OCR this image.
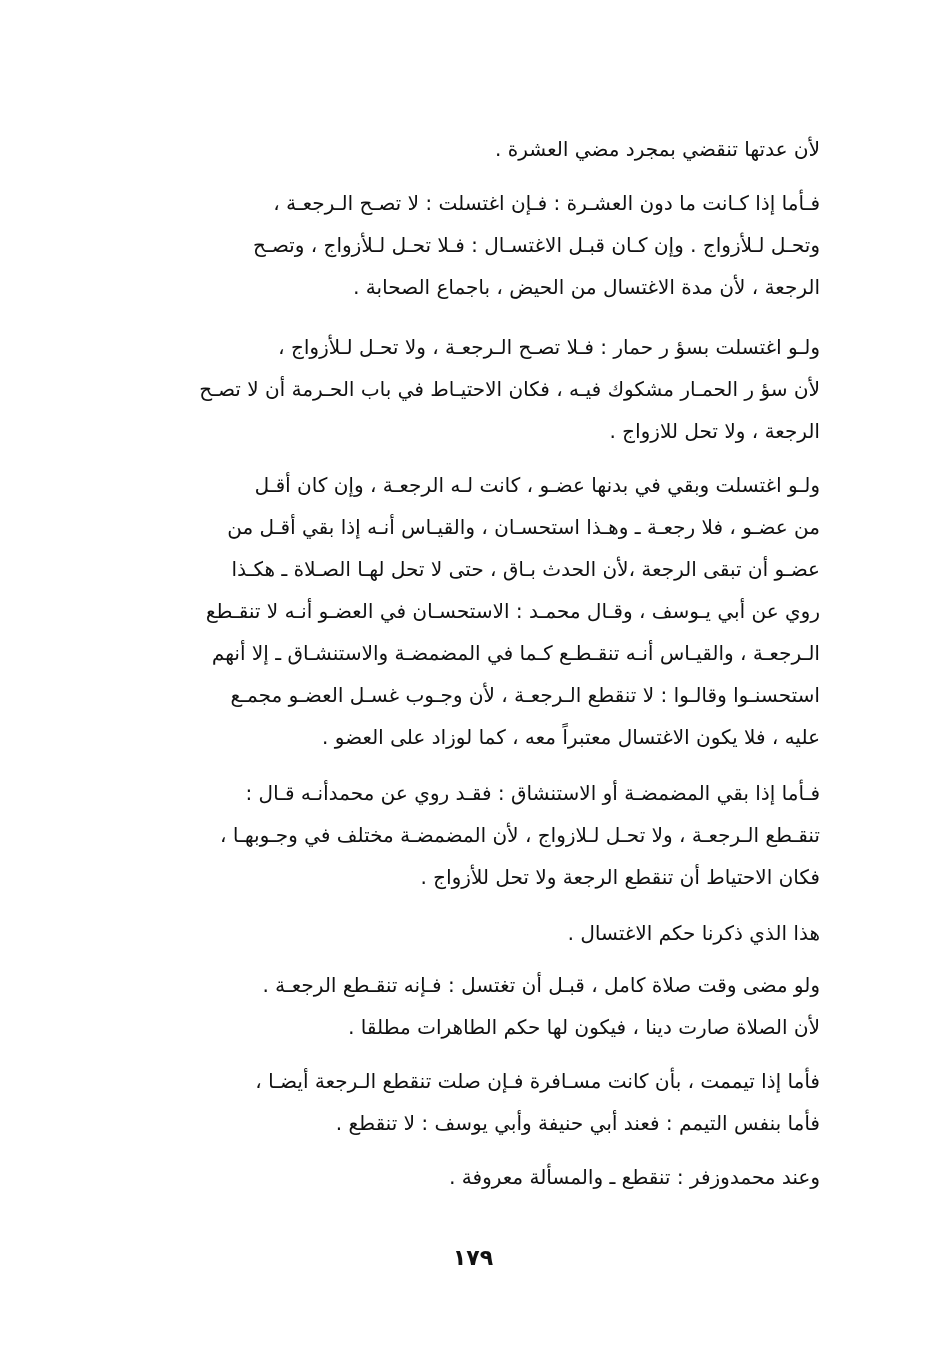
لأن عدتها تنقضي بمجرد مضي العشرة .

فـأما إذا كـانت ما دون العشـرة : فـإن اغتسلت : لا تصـح الـرجعـة ،

وتحـل لـلأزواج . وإن كـان قبـل الاغتسـال : فـلا تحـل لـلأزواج ، وتصـح

الرجعة ، لأن مدة الاغتسال من الحيض ، باجماع الصحابة .

ولـو اغتسلت بسؤ ر حمار : فـلا تصـح الـرجعـة ، ولا تحـل لـلأزواج ،

لأن سؤ ر الحمـار مشكوك فيـه ، فكان الاحتيـاط في باب الحـرمة أن لا تصـح

الرجعة ، ولا تحل للازواج .

ولـو اغتسلت وبقي في بدنها عضـو ، كانت لـه الرجعـة ، وإن كان أقـل

من عضـو ، فلا رجعـة ـ وهـذا استحسـان ، والقيـاس أنـه إذا بقي أقـل من

عضـو أن تبقى الرجعة ،لأن الحدث بـاق ، حتى لا تحل لهـا الصـلاة ـ هكـذا

روي عن أبي يـوسف ، وقـال محمـد : الاستحسـان في العضـو أنـه لا تنقـطع

الـرجعـة ، والقيـاس أنـه تنقـطـع كـما في المضمضـة والاستنشـاق ـ إلا أنهم

استحسنـوا وقالـوا : لا تنقطع الـرجعـة ، لأن وجـوب غسـل العضـو مجمـع

عليه ، فلا يكون الاغتسال معتبراً معه ، كما لوزاد على العضو .

فـأما إذا بقي المضمضـة أو الاستنشاق : فقـد روي عن محمدأنـه قـال :

تنقـطع الـرجعـة ، ولا تحـل لـلازواج ، لأن المضمضـة مختلف في وجـوبهـا ،

فكان الاحتياط أن تنقطع الرجعة ولا تحل للأزواج .

هذا الذي ذكرنا حكم الاغتسال .

ولو مضى وقت صلاة كامل ، قبـل أن تغتسل : فـإنه تنقـطع الرجعـة .

لأن الصلاة صارت دينا ، فيكون لها حكم الطاهرات مطلقا .

فأما إذا تيممت ، بأن كانت مسـافرة فـإن صلت تنقطع الـرجعة أيضـا ،

فأما بنفس التيمم : فعند أبي حنيفة وأبي يوسف : لا تنقطع .

وعند محمدوزفر : تنقطع ـ والمسألة معروفة .

١٧٩
